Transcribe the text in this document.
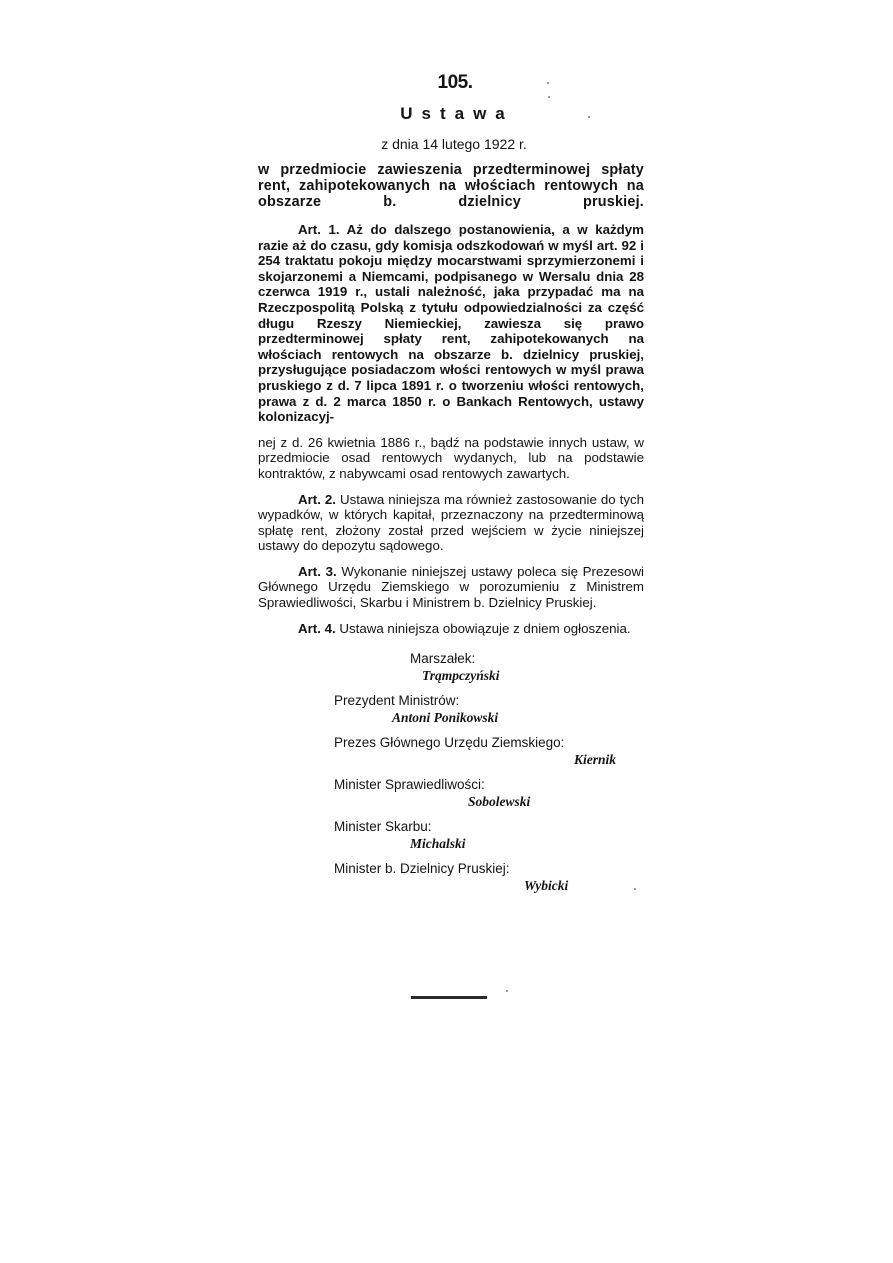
105.
Ustawa
z dnia 14 lutego 1922 r.
w przedmiocie zawieszenia przedterminowej spłaty rent, zahipotekowanych na włościach rentowych na obszarze b. dzielnicy pruskiej.

Art. 1. Aż do dalszego postanowienia, a w każdym razie aż do czasu, gdy komisja odszkodowań w myśl art. 92 i 254 traktatu pokoju między mocarstwami sprzymierzonemi i skojarzonemi a Niemcami, podpisanego w Wersalu dnia 28 czerwca 1919 r., ustali należność, jaka przypadać ma na Rzeczpospolitą Polską z tytułu odpowiedzialności za część długu Rzeszy Niemieckiej, zawiesza się prawo przedterminowej spłaty rent, zahipotekowanych na włościach rentowych na obszarze b. dzielnicy pruskiej, przysługujące posiadaczom włości rentowych w myśl prawa pruskiego z d. 7 lipca 1891 r. o tworzeniu włości rentowych, prawa z d. 2 marca 1850 r. o Bankach Rentowych, ustawy kolonizacyj-

nej z d. 26 kwietnia 1886 r., bądź na podstawie innych ustaw, w przedmiocie osad rentowych wydanych, lub na podstawie kontraktów, z nabywcami osad rentowych zawartych.

Art. 2. Ustawa niniejsza ma również zastosowanie do tych wypadków, w których kapitał, przeznaczony na przedterminową spłatę rent, złożony został przed wejściem w życie niniejszej ustawy do depozytu sądowego.

Art. 3. Wykonanie niniejszej ustawy poleca się Prezesowi Głównego Urzędu Ziemskiego w porozumieniu z Ministrem Sprawiedliwości, Skarbu i Ministrem b. Dzielnicy Pruskiej.

Art. 4. Ustawa niniejsza obowiązuje z dniem ogłoszenia.

Marszałek:
Trąmpczyński
Prezydent Ministrów:
Antoni Ponikowski
Prezes Głównego Urzędu Ziemskiego:
Kiernik
Minister Sprawiedliwości:
Sobolewski
Minister Skarbu:
Michalski
Minister b. Dzielnicy Pruskiej:
Wybicki
